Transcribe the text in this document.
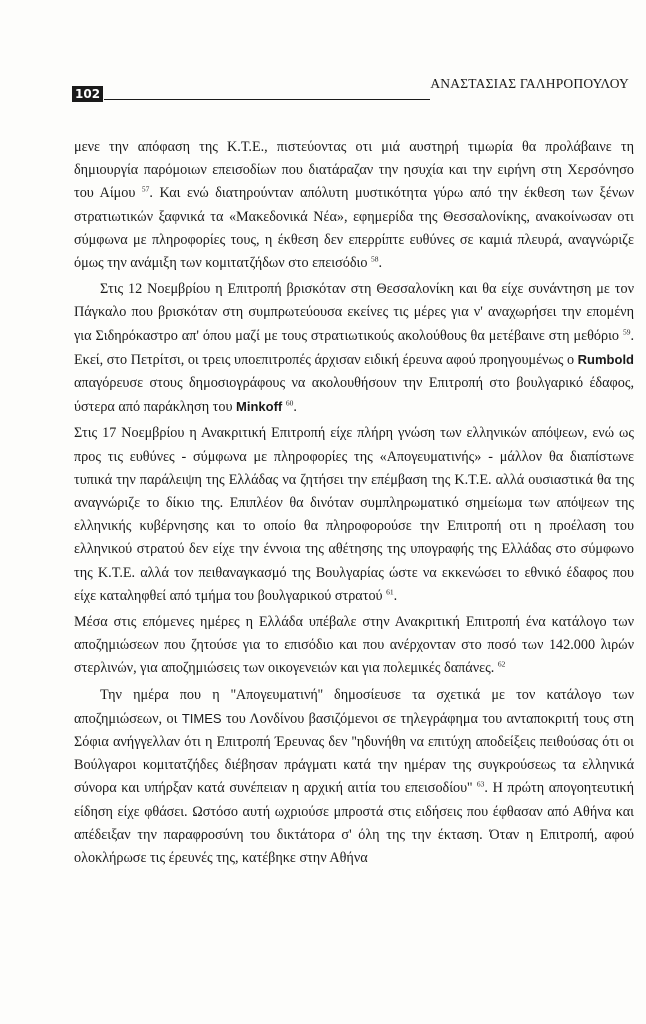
102
ΑΝΑΣΤΑΣΙΑΣ ΓΑΛΗΡΟΠΟΥΛΟΥ

μενε την απόφαση της Κ.Τ.Ε., πιστεύοντας οτι μιά αυστηρή τιμωρία θα προλάβαινε τη δημιουργία παρόμοιων επεισοδίων που διατάραζαν την ησυχία και την ειρήνη στη Χερσόνησο του Αίμου $^{57}$. Και ενώ διατηρούνταν απόλυτη μυστικότητα γύρω από την έκθεση των ξένων στρατιωτικών ξαφνικά τα «Μακεδονικά Νέα», εφημερίδα της Θεσσαλονίκης, ανακοίνωσαν οτι σύμφωνα με πληροφορίες τους, η έκθεση δεν επερρίπτε ευθύνες σε καμιά πλευρά, αναγνώριζε όμως την ανάμιξη των κομιτατζήδων στο επεισόδιο $^{58}$.

Στις 12 Νοεμβρίου η Επιτροπή βρισκόταν στη Θεσσαλονίκη και θα είχε συνάντηση με τον Πάγκαλο που βρισκόταν στη συμπρωτεύουσα εκείνες τις μέρες για ν' αναχωρήσει την επομένη για Σιδηρόκαστρο απ' όπου μαζί με τους στρατιωτικούς ακολούθους θα μετέβαινε στη μεθόριο $^{59}$. Εκεί, στο Πετρίτσι, οι τρεις υποεπιτροπές άρχισαν ειδική έρευνα αφού προηγουμένως ο Rumbold απαγόρευσε στους δημοσιογράφους να ακολουθήσουν την Επιτροπή στο βουλγαρικό έδαφος, ύστερα από παράκληση του Minkoff $^{60}$.

Στις 17 Νοεμβρίου η Ανακριτική Επιτροπή είχε πλήρη γνώση των ελληνικών απόψεων, ενώ ως προς τις ευθύνες - σύμφωνα με πληροφορίες της «Απογευματινής» - μάλλον θα διαπίστωνε τυπικά την παράλειψη της Ελλάδας να ζητήσει την επέμβαση της Κ.Τ.Ε. αλλά ουσιαστικά θα της αναγνώριζε το δίκιο της. Επιπλέον θα δινόταν συμπληρωματικό σημείωμα των απόψεων της ελληνικής κυβέρνησης και το οποίο θα πληροφορούσε την Επιτροπή οτι η προέλαση του ελληνικού στρατού δεν είχε την έννοια της αθέτησης της υπογραφής της Ελλάδας στο σύμφωνο της Κ.Τ.Ε. αλλά τον πειθαναγκασμό της Βουλγαρίας ώστε να εκκενώσει το εθνικό έδαφος που είχε καταληφθεί από τμήμα του βουλγαρικού στρατού $^{61}$.

Μέσα στις επόμενες ημέρες η Ελλάδα υπέβαλε στην Ανακριτική Επιτροπή ένα κατάλογο των αποζημιώσεων που ζητούσε για το επισόδιο και που ανέρχονταν στο ποσό των 142.000 λιρών στερλινών, για αποζημιώσεις των οικογενειών και για πολεμικές δαπάνες. $^{62}$

Την ημέρα που η ''Απογευματινή'' δημοσίευσε τα σχετικά με τον κατάλογο των αποζημιώσεων, οι TIMES του Λονδίνου βασιζόμενοι σε τηλεγράφημα του ανταποκριτή τους στη Σόφια ανήγγελλαν ότι η Επιτροπή Έρευνας δεν ''ηδυνήθη να επιτύχη αποδείξεις πειθούσας ότι οι Βούλγαροι κομιτατζήδες διέβησαν πράγματι κατά την ημέραν της συγκρούσεως τα ελληνικά σύνορα και υπήρξαν κατά συνέπειαν η αρχική αιτία του επεισοδίου'' $^{63}$. Η πρώτη απογοητευτική είδηση είχε φθάσει. Ωστόσο αυτή ωχριούσε μπροστά στις ειδήσεις που έφθασαν από Αθήνα και απέδειξαν την παραφροσύνη του δικτάτορα σ' όλη της την έκταση. Όταν η Επιτροπή, αφού ολοκλήρωσε τις έρευνές της, κατέβηκε στην Αθήνα
